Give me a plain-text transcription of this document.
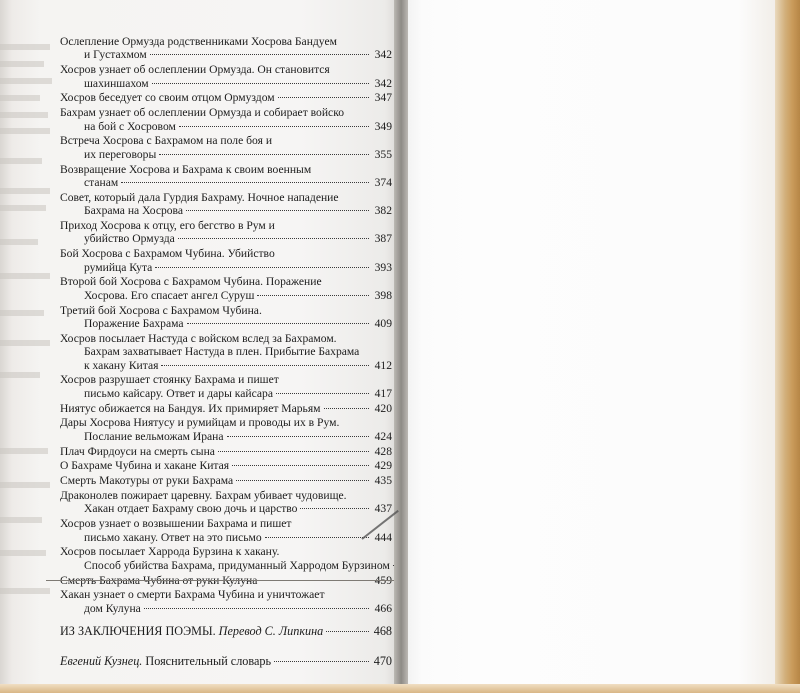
Ослепление Ормузда родственниками Хосрова Бандуем
и Густахмом	342
Хосров узнает об ослеплении Ормузда. Он становится
шахиншахом	342
Хосров беседует со своим отцом Ормуздом	347
Бахрам узнает об ослеплении Ормузда и собирает войско
на бой с Хосровом	349
Встреча Хосрова с Бахрамом на поле боя и
их переговоры	355
Возвращение Хосрова и Бахрама к своим военным
станам	374
Совет, который дала Гурдия Бахраму. Ночное нападение
Бахрама на Хосрова	382
Приход Хосрова к отцу, его бегство в Рум и
убийство Ормузда	387
Бой Хосрова с Бахрамом Чубина. Убийство
румийца Кута	393
Второй бой Хосрова с Бахрамом Чубина. Поражение
Хосрова. Его спасает ангел Суруш	398
Третий бой Хосрова с Бахрамом Чубина.
Поражение Бахрама	409
Хосров посылает Настуда с войском вслед за Бахрамом.
Бахрам захватывает Настуда в плен. Прибытие Бахрама
к хакану Китая	412
Хосров разрушает стоянку Бахрама и пишет
письмо кайсару. Ответ и дары кайсара	417
Ниятус обижается на Бандуя. Их примиряет Марьям	420
Дары Хосрова Ниятусу и румийцам и проводы их в Рум.
Послание вельможам Ирана	424
Плач Фирдоуси на смерть сына	428
О Бахраме Чубина и хакане Китая	429
Смерть Макотуры от руки Бахрама	435
Драконолев пожирает царевну. Бахрам убивает чудовище.
Хакан отдает Бахраму свою дочь и царство	437
Хосров узнает о возвышении Бахрама и пишет
письмо хакану. Ответ на это письмо	444
Хосров посылает Харрода Бурзина к хакану.
Способ убийства Бахрама, придуманный Харродом Бурзином
Смерть Бахрама Чубина от руки Кулуна	459
Хакан узнает о смерти Бахрама Чубина и уничтожает
дом Кулуна	466
ИЗ ЗАКЛЮЧЕНИЯ ПОЭМЫ. Перевод С. Липкина	468
Евгений Кузнец. Пояснительный словарь	470
